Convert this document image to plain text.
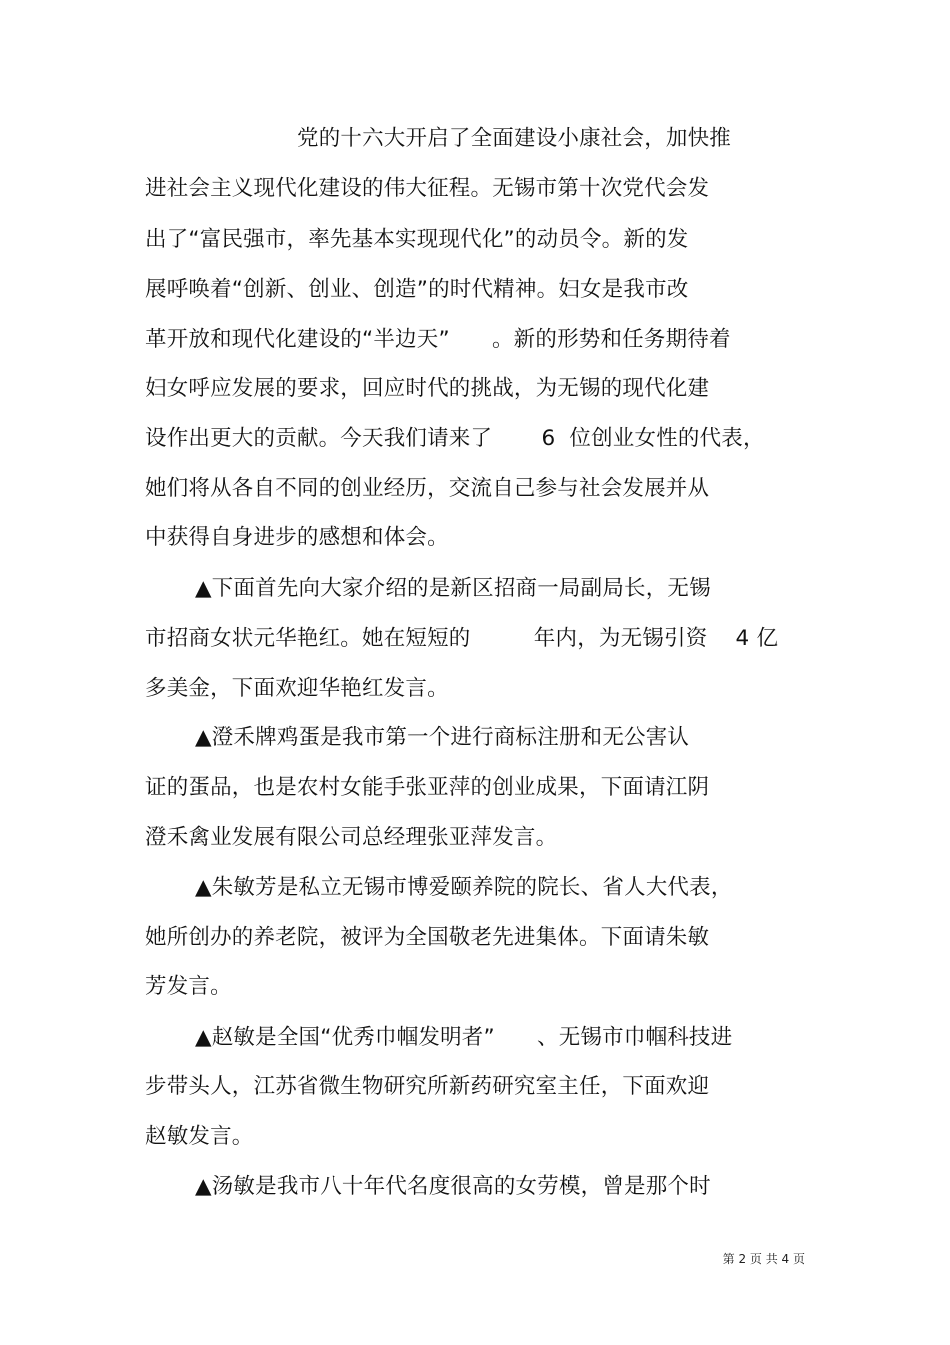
党的十六大开启了全面建设小康社会，加快推
进社会主义现代化建设的伟大征程。无锡市第十次党代会发
出了“富民强市，率先基本实现现代化”的动员令。新的发
展呼唤着“创新、创业、创造”的时代精神。妇女是我市改
革开放和现代化建设的“半边天”      。新的形势和任务期待着
妇女呼应发展的要求，回应时代的挑战，为无锡的现代化建
设作出更大的贡献。今天我们请来了       6  位创业女性的代表，
她们将从各自不同的创业经历，交流自己参与社会发展并从
中获得自身进步的感想和体会。
▲下面首先向大家介绍的是新区招商一局副局长，无锡
市招商女状元华艳红。她在短短的         年内，为无锡引资    4 亿
多美金，下面欢迎华艳红发言。
▲澄禾牌鸡蛋是我市第一个进行商标注册和无公害认
证的蛋品，也是农村女能手张亚萍的创业成果，下面请江阴
澄禾禽业发展有限公司总经理张亚萍发言。
▲朱敏芳是私立无锡市博爱颐养院的院长、省人大代表，
她所创办的养老院，被评为全国敬老先进集体。下面请朱敏
芳发言。
▲赵敏是全国“优秀巾帼发明者”      、无锡市巾帼科技进
步带头人，江苏省微生物研究所新药研究室主任，下面欢迎
赵敏发言。
▲汤敏是我市八十年代名度很高的女劳模，曾是那个时
第 2 页 共 4 页
